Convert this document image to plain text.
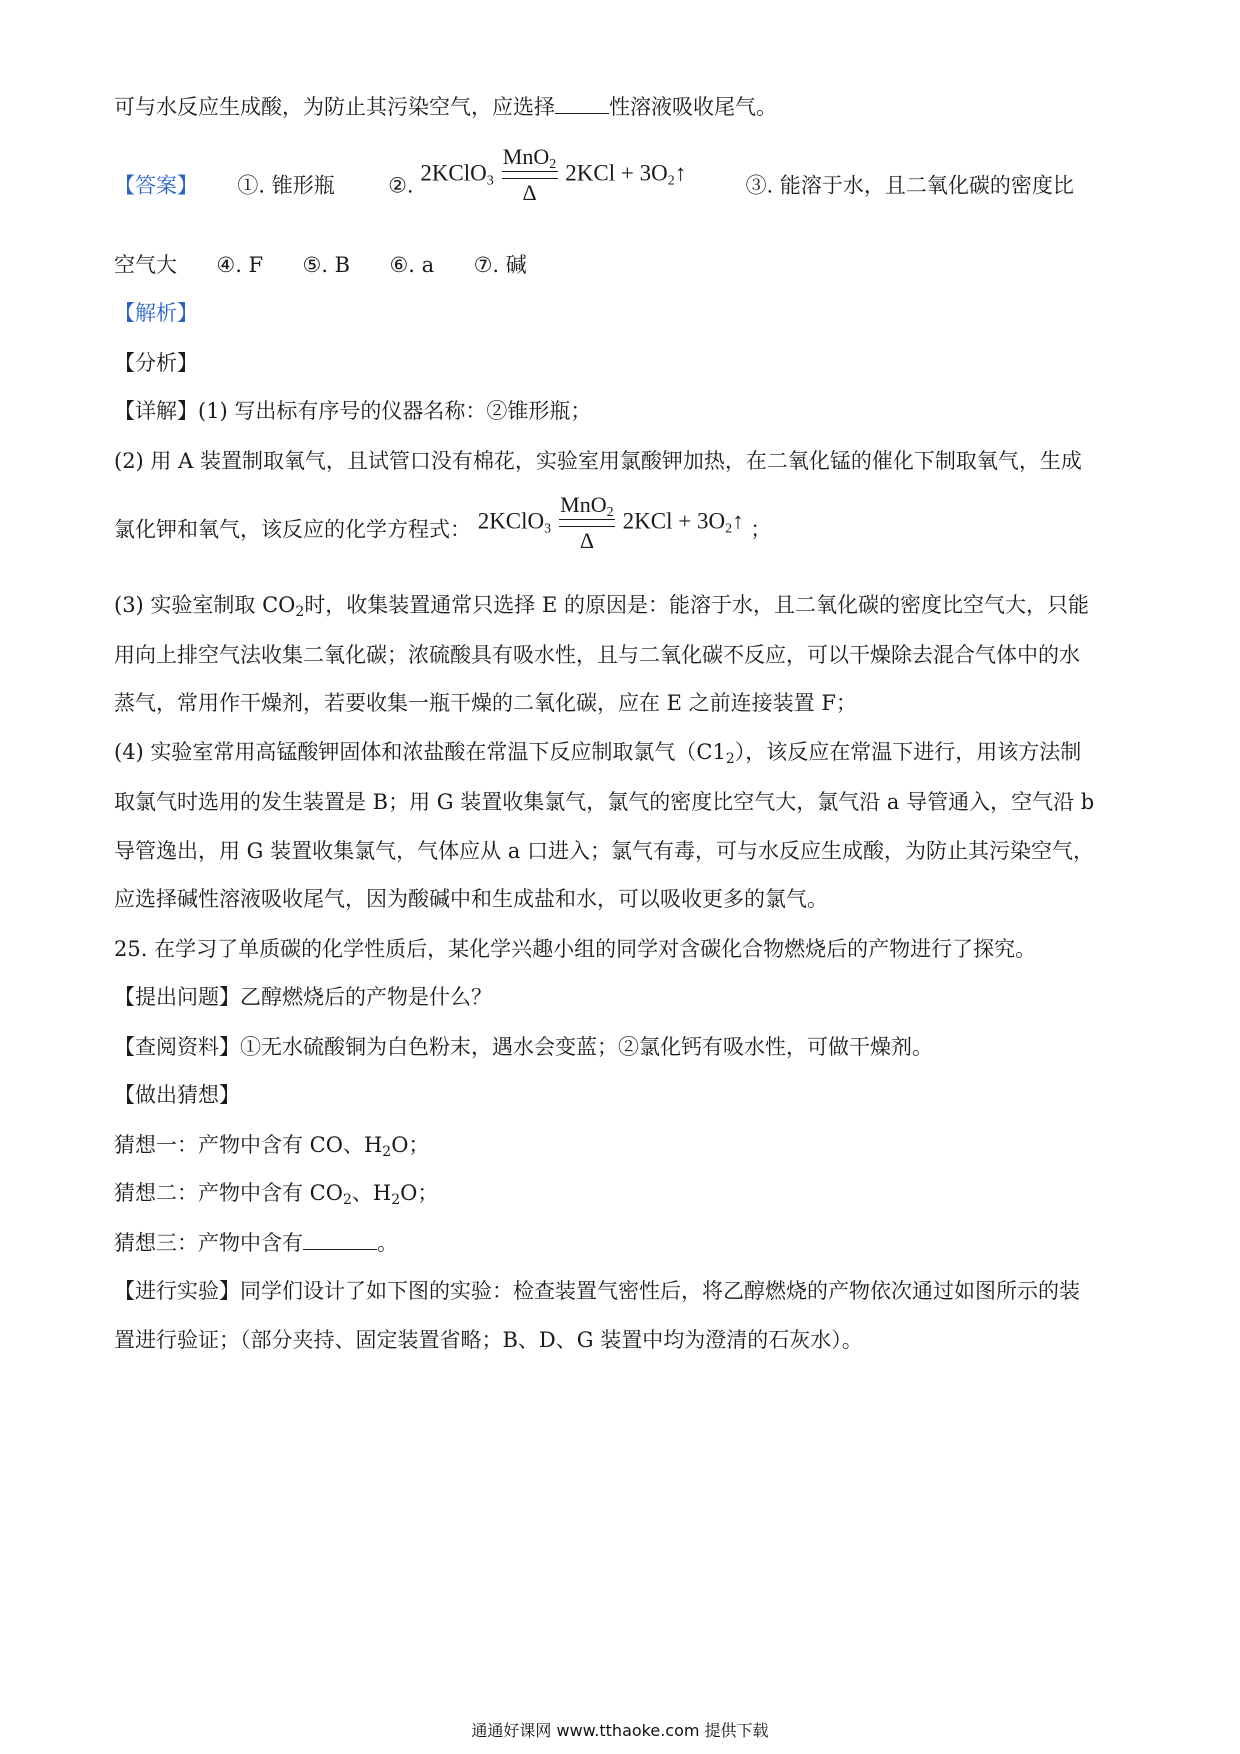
可与水反应生成酸，为防止其污染空气，应选择	性溶液吸收尾气。
【答案】 ①. 锥形瓶	②. 2KClO$_3$
MnO$_2$
Δ
$2KCl + 3O_2↑$  ③. 能溶于水，且二氧化碳的密度比
空气大 ④. F ⑤. B ⑥. a ⑦. 碱
【解析】
【分析】
【详解】(1) 写出标有序号的仪器名称：②锥形瓶；
(2) 用 A 装置制取氧气，且试管口没有棉花，实验室用氯酸钾加热，在二氧化锰的催化下制取氧气，生成
氯化钾和氧气，该反应的化学方程式： 2KClO$_3$
MnO$_2$
Δ
$2KCl + 3O_2↑$ ；
(3) 实验室制取 $CO_2$时，收集装置通常只选择 E 的原因是：能溶于水，且二氧化碳的密度比空气大，只能
用向上排空气法收集二氧化碳；浓硫酸具有吸水性，且与二氧化碳不反应，可以干燥除去混合气体中的水
蒸气，常用作干燥剂，若要收集一瓶干燥的二氧化碳，应在 E 之前连接装置 F；
(4) 实验室常用高锰酸钾固体和浓盐酸在常温下反应制取氯气$(C1_2)$，该反应在常温下进行，用该方法制
取氯气时选用的发生装置是 B；用 G 装置收集氯气，氯气的密度比空气大，氯气沿 a 导管通入，空气沿 b
导管逸出，用 G 装置收集氯气，气体应从 a 口进入；氯气有毒，可与水反应生成酸，为防止其污染空气，
应选择碱性溶液吸收尾气，因为酸碱中和生成盐和水，可以吸收更多的氯气。
25. 在学习了单质碳的化学性质后，某化学兴趣小组的同学对含碳化合物燃烧后的产物进行了探究。
【提出问题】乙醇燃烧后的产物是什么？
【查阅资料】①无水硫酸铜为白色粉末，遇水会变蓝；②氯化钙有吸水性，可做干燥剂。
【做出猜想】
猜想一：产物中含有 CO、$H_2O$；
猜想二：产物中含有 $CO_2$、$H_2O$；
猜想三：产物中含有	。
【进行实验】同学们设计了如下图的实验：检查装置气密性后，将乙醇燃烧的产物依次通过如图所示的装
置进行验证；（部分夹持、固定装置省略；B、D、G 装置中均为澄清的石灰水）。
通通好课网 www.tthaoke.com 提供下载
